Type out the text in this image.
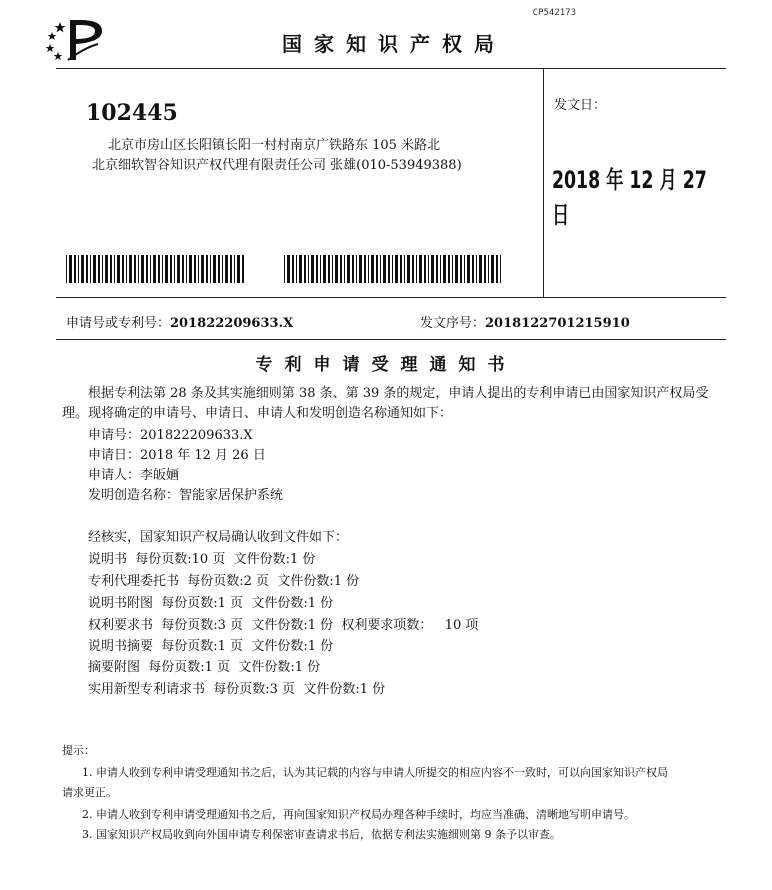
CP542173
国家知识产权局
102445
北京市房山区长阳镇长阳一村村南京广铁路东 105 米路北
北京细软智谷知识产权代理有限责任公司 张雄(010-53949388)
发文日：
2018 年 12 月 27 日
申请号或专利号：201822209633.X	发文序号：2018122701215910
专利申请受理通知书
根据专利法第 28 条及其实施细则第 38 条、第 39 条的规定，申请人提出的专利申请已由国家知识产权局受理。现将确定的申请号、申请日、申请人和发明创造名称通知如下：
申请号：201822209633.X
申请日：2018 年 12 月 26 日
申请人：李皈婳
发明创造名称：智能家居保护系统
经核实，国家知识产权局确认收到文件如下：
说明书  每份页数:10 页  文件份数:1 份
专利代理委托书  每份页数:2 页  文件份数:1 份
说明书附图  每份页数:1 页  文件份数:1 份
权利要求书  每份页数:3 页  文件份数:1 份  权利要求项数：   10 项
说明书摘要  每份页数:1 页  文件份数:1 份
摘要附图  每份页数:1 页  文件份数:1 份
实用新型专利请求书  每份页数:3 页  文件份数:1 份
提示：
1. 申请人收到专利申请受理通知书之后，认为其记载的内容与申请人所提交的相应内容不一致时，可以向国家知识产权局
请求更正。
2. 申请人收到专利申请受理通知书之后，再向国家知识产权局办理各种手续时，均应当准确、清晰地写明申请号。
3. 国家知识产权局收到向外国申请专利保密审查请求书后，依据专利法实施细则第 9 条予以审查。
